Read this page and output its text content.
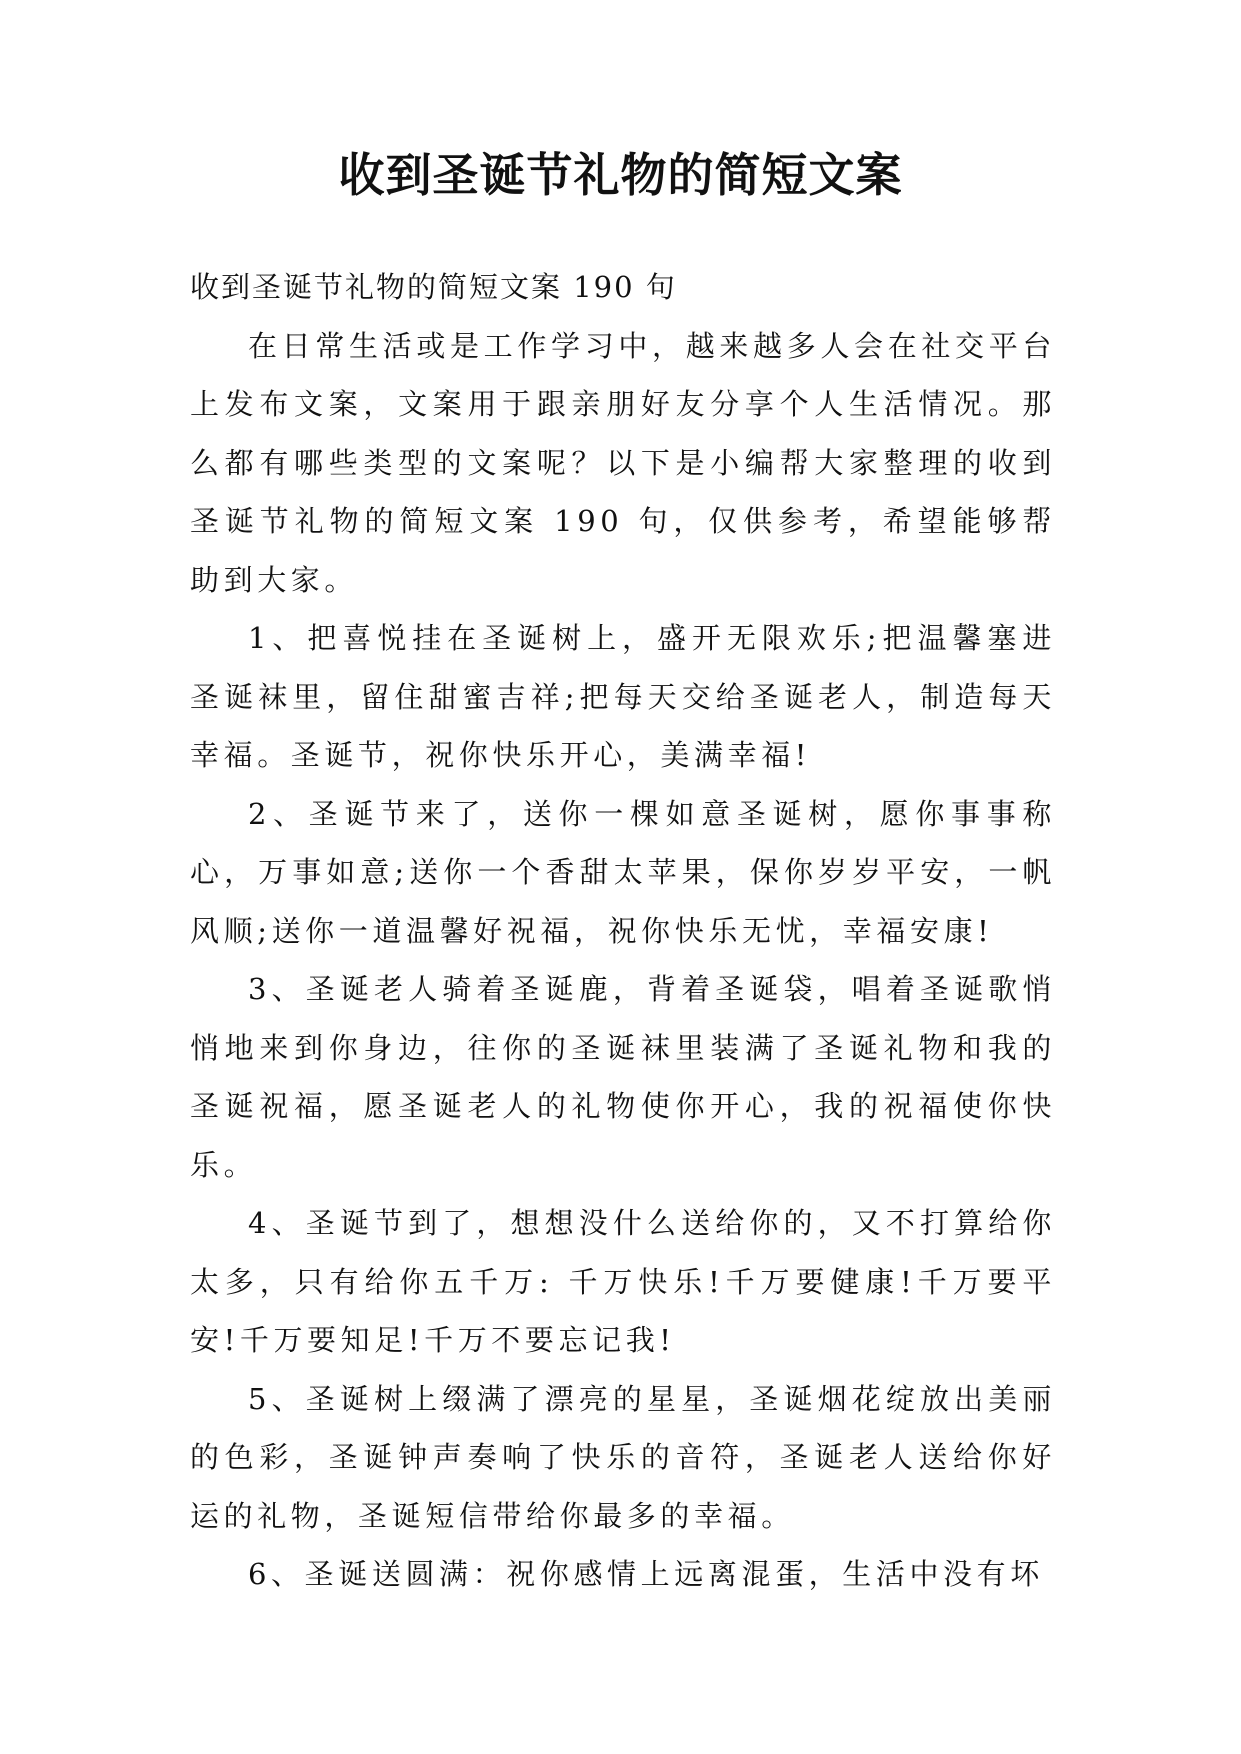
收到圣诞节礼物的简短文案

收到圣诞节礼物的简短文案 190 句

在日常生活或是工作学习中，越来越多人会在社交平台上发布文案，文案用于跟亲朋好友分享个人生活情况。那么都有哪些类型的文案呢？以下是小编帮大家整理的收到圣诞节礼物的简短文案 190 句，仅供参考，希望能够帮助到大家。

1、把喜悦挂在圣诞树上，盛开无限欢乐;把温馨塞进圣诞袜里，留住甜蜜吉祥;把每天交给圣诞老人，制造每天幸福。圣诞节，祝你快乐开心，美满幸福!

2、圣诞节来了，送你一棵如意圣诞树，愿你事事称心，万事如意;送你一个香甜太苹果，保你岁岁平安，一帆风顺;送你一道温馨好祝福，祝你快乐无忧，幸福安康!

3、圣诞老人骑着圣诞鹿，背着圣诞袋，唱着圣诞歌悄悄地来到你身边，往你的圣诞袜里装满了圣诞礼物和我的圣诞祝福，愿圣诞老人的礼物使你开心，我的祝福使你快乐。

4、圣诞节到了，想想没什么送给你的，又不打算给你太多，只有给你五千万: 千万快乐!千万要健康!千万要平安!千万要知足!千万不要忘记我!

5、圣诞树上缀满了漂亮的星星，圣诞烟花绽放出美丽的色彩，圣诞钟声奏响了快乐的音符，圣诞老人送给你好运的礼物，圣诞短信带给你最多的幸福。

6、圣诞送圆满：祝你感情上远离混蛋，生活中没有坏
